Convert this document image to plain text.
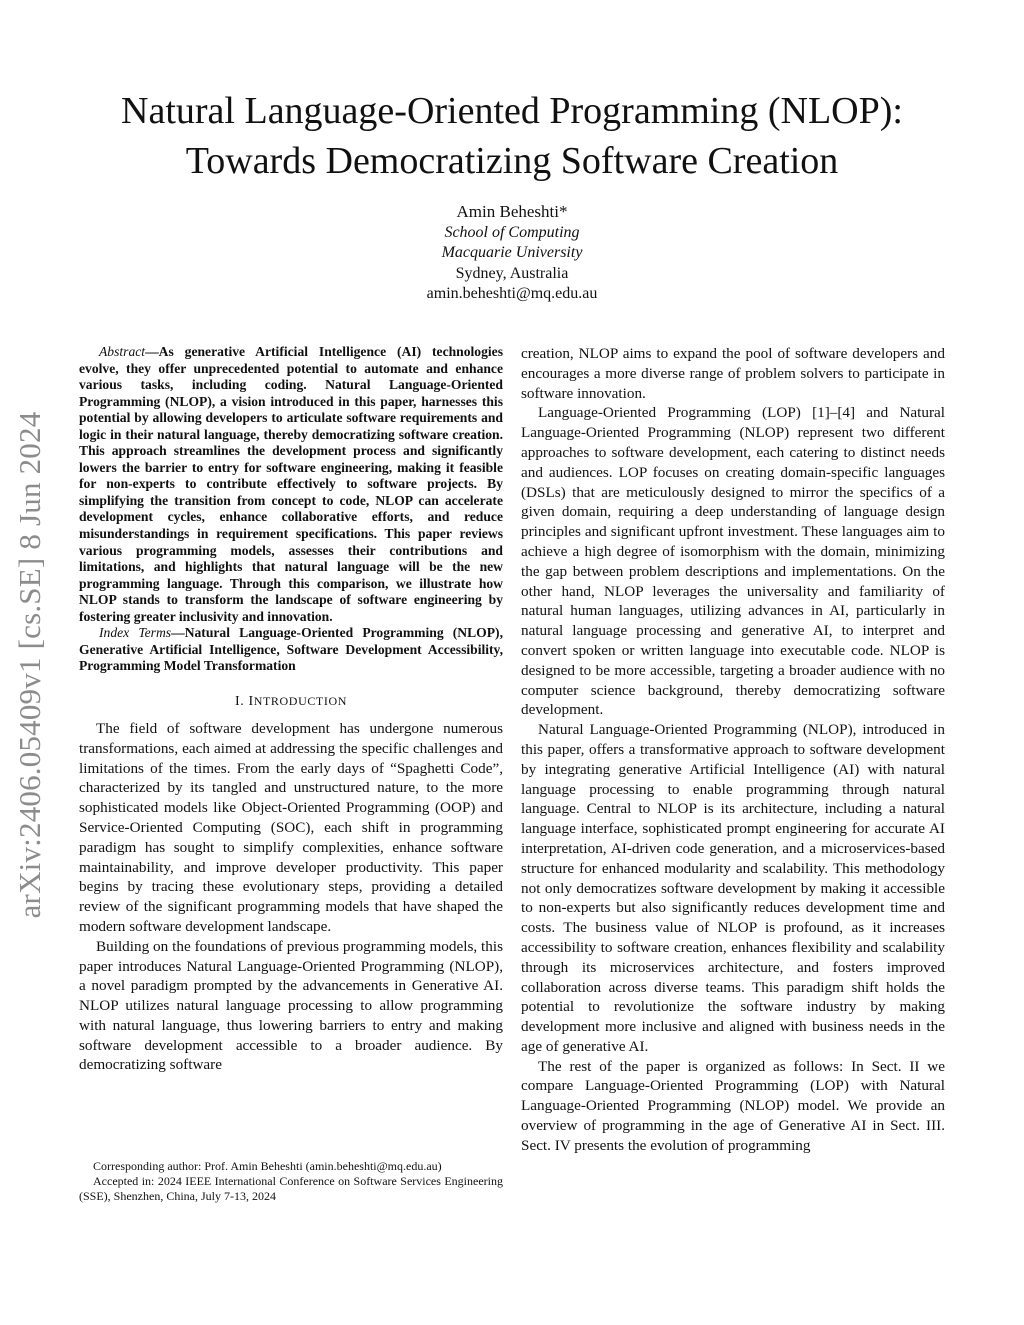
Natural Language-Oriented Programming (NLOP):
Towards Democratizing Software Creation
Amin Beheshti*
School of Computing
Macquarie University
Sydney, Australia
amin.beheshti@mq.edu.au
arXiv:2406.05409v1 [cs.SE] 8 Jun 2024

Abstract—As generative Artificial Intelligence (AI) technologies evolve, they offer unprecedented potential to automate and enhance various tasks, including coding. Natural Language-Oriented Programming (NLOP), a vision introduced in this paper, harnesses this potential by allowing developers to articulate software requirements and logic in their natural language, thereby democratizing software creation. This approach streamlines the development process and significantly lowers the barrier to entry for software engineering, making it feasible for non-experts to contribute effectively to software projects. By simplifying the transition from concept to code, NLOP can accelerate development cycles, enhance collaborative efforts, and reduce misunderstandings in requirement specifications. This paper reviews various programming models, assesses their contributions and limitations, and highlights that natural language will be the new programming language. Through this comparison, we illustrate how NLOP stands to transform the landscape of software engineering by fostering greater inclusivity and innovation.

Index Terms—Natural Language-Oriented Programming (NLOP), Generative Artificial Intelligence, Software Development Accessibility, Programming Model Transformation

I. INTRODUCTION

The field of software development has undergone numerous transformations, each aimed at addressing the specific challenges and limitations of the times. From the early days of “Spaghetti Code”, characterized by its tangled and unstructured nature, to the more sophisticated models like Object-Oriented Programming (OOP) and Service-Oriented Computing (SOC), each shift in programming paradigm has sought to simplify complexities, enhance software maintainability, and improve developer productivity. This paper begins by tracing these evolutionary steps, providing a detailed review of the significant programming models that have shaped the modern software development landscape.

Building on the foundations of previous programming models, this paper introduces Natural Language-Oriented Programming (NLOP), a novel paradigm prompted by the advancements in Generative AI. NLOP utilizes natural language processing to allow programming with natural language, thus lowering barriers to entry and making software development accessible to a broader audience. By democratizing software

Corresponding author: Prof. Amin Beheshti (amin.beheshti@mq.edu.au)

Accepted in: 2024 IEEE International Conference on Software Services Engineering (SSE), Shenzhen, China, July 7-13, 2024

creation, NLOP aims to expand the pool of software developers and encourages a more diverse range of problem solvers to participate in software innovation.

Language-Oriented Programming (LOP) [1]–[4] and Natural Language-Oriented Programming (NLOP) represent two different approaches to software development, each catering to distinct needs and audiences. LOP focuses on creating domain-specific languages (DSLs) that are meticulously designed to mirror the specifics of a given domain, requiring a deep understanding of language design principles and significant upfront investment. These languages aim to achieve a high degree of isomorphism with the domain, minimizing the gap between problem descriptions and implementations. On the other hand, NLOP leverages the universality and familiarity of natural human languages, utilizing advances in AI, particularly in natural language processing and generative AI, to interpret and convert spoken or written language into executable code. NLOP is designed to be more accessible, targeting a broader audience with no computer science background, thereby democratizing software development.

Natural Language-Oriented Programming (NLOP), introduced in this paper, offers a transformative approach to software development by integrating generative Artificial Intelligence (AI) with natural language processing to enable programming through natural language. Central to NLOP is its architecture, including a natural language interface, sophisticated prompt engineering for accurate AI interpretation, AI-driven code generation, and a microservices-based structure for enhanced modularity and scalability. This methodology not only democratizes software development by making it accessible to non-experts but also significantly reduces development time and costs. The business value of NLOP is profound, as it increases accessibility to software creation, enhances flexibility and scalability through its microservices architecture, and fosters improved collaboration across diverse teams. This paradigm shift holds the potential to revolutionize the software industry by making development more inclusive and aligned with business needs in the age of generative AI.

The rest of the paper is organized as follows: In Sect. II we compare Language-Oriented Programming (LOP) with Natural Language-Oriented Programming (NLOP) model. We provide an overview of programming in the age of Generative AI in Sect. III. Sect. IV presents the evolution of programming
